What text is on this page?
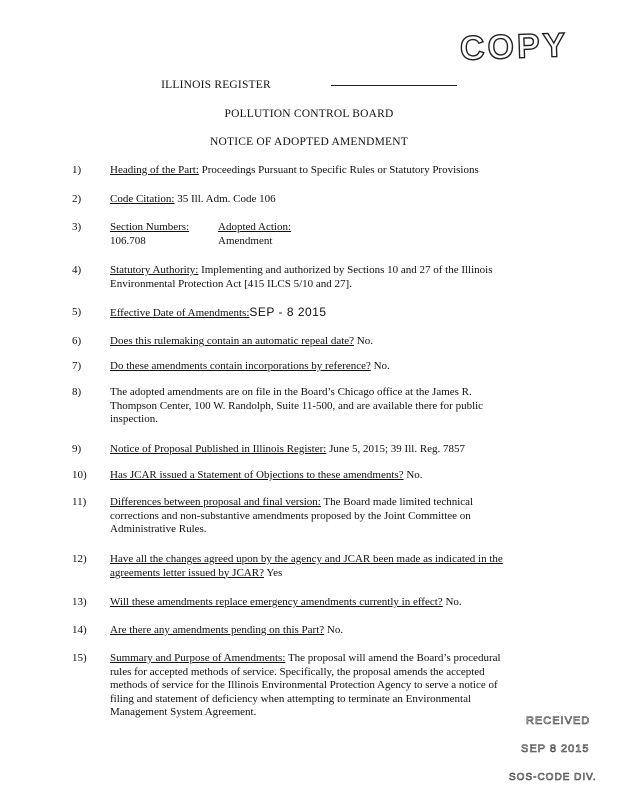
COPY
ILLINOIS REGISTER
POLLUTION CONTROL BOARD
NOTICE OF ADOPTED AMENDMENT
1)	Heading of the Part: Proceedings Pursuant to Specific Rules or Statutory Provisions
2)	Code Citation: 35 Ill. Adm. Code 106
3)	Section Numbers:
106.708
Adopted Action:
Amendment
4)	Statutory Authority: Implementing and authorized by Sections 10 and 27 of the Illinois
Environmental Protection Act [415 ILCS 5/10 and 27].
5)	Effective Date of Amendments:SEP - 8 2015
6)	Does this rulemaking contain an automatic repeal date? No.
7)	Do these amendments contain incorporations by reference? No.
8)	The adopted amendments are on file in the Board’s Chicago office at the James R.
Thompson Center, 100 W. Randolph, Suite 11-500, and are available there for public
inspection.
9)	Notice of Proposal Published in Illinois Register: June 5, 2015; 39 Ill. Reg. 7857
10)	Has JCAR issued a Statement of Objections to these amendments? No.
11)	Differences between proposal and final version: The Board made limited technical
corrections and non-substantive amendments proposed by the Joint Committee on
Administrative Rules.
12)	Have all the changes agreed upon by the agency and JCAR been made as indicated in the
agreements letter issued by JCAR? Yes
13)	Will these amendments replace emergency amendments currently in effect? No.
14)	Are there any amendments pending on this Part? No.
15)	Summary and Purpose of Amendments: The proposal will amend the Board’s procedural
rules for accepted methods of service. Specifically, the proposal amends the accepted
methods of service for the Illinois Environmental Protection Agency to serve a notice of
filing and statement of deficiency when attempting to terminate an Environmental
Management System Agreement.
RECEIVED
SEP 8 2015
SOS-CODE DIV.
